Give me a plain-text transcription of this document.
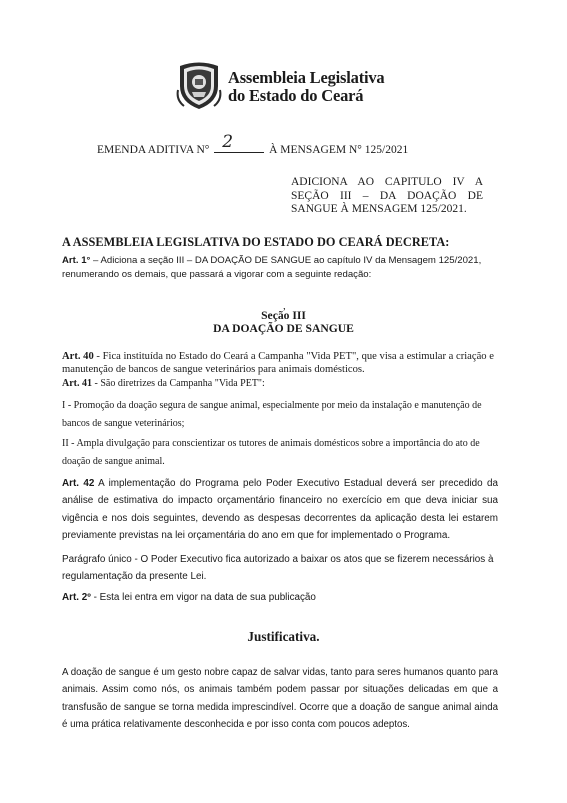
Assembleia Legislativa
do Estado do Ceará
EMENDA ADITIVA N° 2	À MENSAGEM N° 125/2021
ADICIONA AO CAPITULO IV A SEÇÃO III – DA DOAÇÃO DE SANGUE À MENSAGEM 125/2021.
A ASSEMBLEIA LEGISLATIVA DO ESTADO DO CEARÁ DECRETA:
Art. 1° – Adiciona a seção III – DA DOAÇÃO DE SANGUE ao capítulo IV da Mensagem 125/2021, renumerando os demais, que passará a vigorar com a seguinte redação:
,
Seção III
DA DOAÇÃO DE SANGUE
Art. 40 - Fica instituída no Estado do Ceará a Campanha "Vida PET", que visa a estimular a criação e manutenção de bancos de sangue veterinários para animais domésticos.
Art. 41 - São diretrizes da Campanha "Vida PET":
I - Promoção da doação segura de sangue animal, especialmente por meio da instalação e manutenção de bancos de sangue veterinários;
II - Ampla divulgação para conscientizar os tutores de animais domésticos sobre a importância do ato de doação de sangue animal.
Art. 42 A implementação do Programa pelo Poder Executivo Estadual deverá ser precedido da análise de estimativa do impacto orçamentário financeiro no exercício em que deva iniciar sua vigência e nos dois seguintes, devendo as despesas decorrentes da aplicação desta lei estarem previamente previstas na lei orçamentária do ano em que for implementado o Programa.
Parágrafo único - O Poder Executivo fica autorizado a baixar os atos que se fizerem necessários à regulamentação da presente Lei.
Art. 2º - Esta lei entra em vigor na data de sua publicação
Justificativa.
A doação de sangue é um gesto nobre capaz de salvar vidas, tanto para seres humanos quanto para animais. Assim como nós, os animais também podem passar por situações delicadas em que a transfusão de sangue se torna medida imprescindível. Ocorre que a doação de sangue animal ainda é uma prática relativamente desconhecida e por isso conta com poucos adeptos.
